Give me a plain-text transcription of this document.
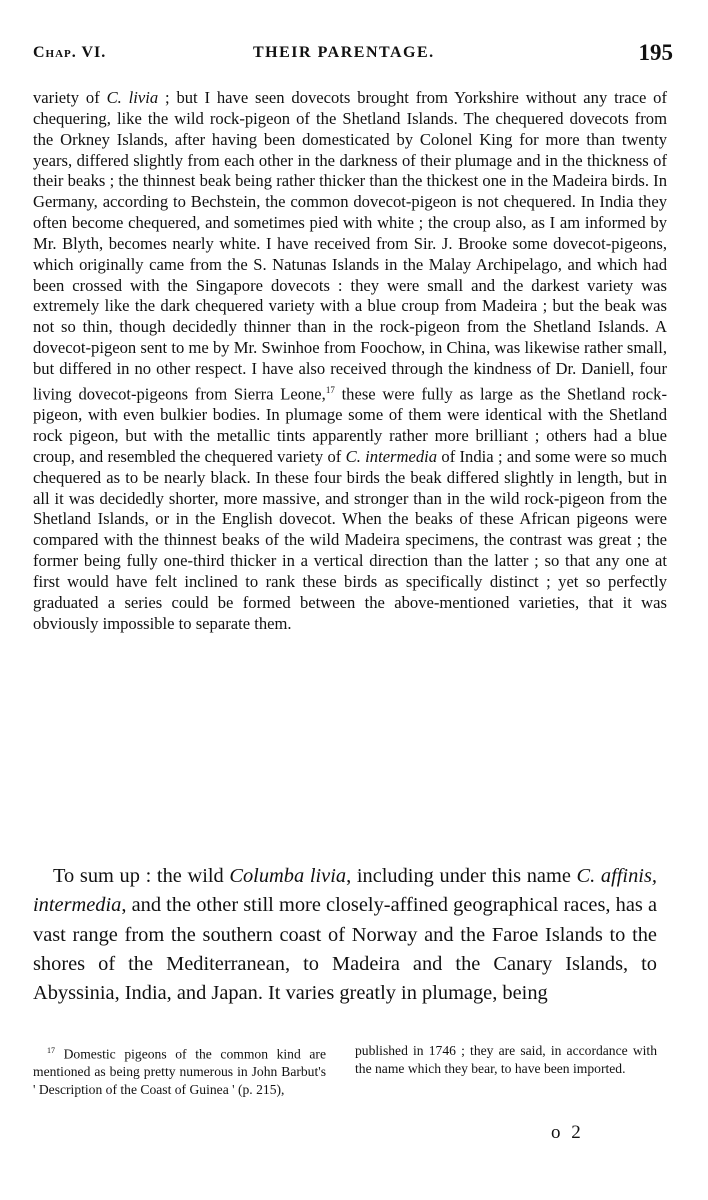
Chap. VI.	THEIR PARENTAGE.	195

variety of C. livia ; but I have seen dovecots brought from Yorkshire without any trace of chequering, like the wild rock-pigeon of the Shetland Islands. The chequered dovecots from the Orkney Islands, after having been domesticated by Colonel King for more than twenty years, differed slightly from each other in the darkness of their plumage and in the thickness of their beaks ; the thinnest beak being rather thicker than the thickest one in the Madeira birds. In Germany, according to Bechstein, the common dovecot-pigeon is not chequered. In India they often become chequered, and sometimes pied with white ; the croup also, as I am informed by Mr. Blyth, becomes nearly white. I have received from Sir. J. Brooke some dovecot-pigeons, which originally came from the S. Natunas Islands in the Malay Archipelago, and which had been crossed with the Singapore dovecots : they were small and the darkest variety was extremely like the dark chequered variety with a blue croup from Madeira ; but the beak was not so thin, though decidedly thinner than in the rock-pigeon from the Shetland Islands. A dovecot-pigeon sent to me by Mr. Swinhoe from Foochow, in China, was likewise rather small, but differed in no other respect. I have also received through the kindness of Dr. Daniell, four living dovecot-pigeons from Sierra Leone,$^{17}$ these were fully as large as the Shetland rock-pigeon, with even bulkier bodies. In plumage some of them were identical with the Shetland rock pigeon, but with the metallic tints apparently rather more brilliant ; others had a blue croup, and resembled the chequered variety of C. intermedia of India ; and some were so much chequered as to be nearly black. In these four birds the beak differed slightly in length, but in all it was decidedly shorter, more massive, and stronger than in the wild rock-pigeon from the Shetland Islands, or in the English dovecot. When the beaks of these African pigeons were compared with the thinnest beaks of the wild Madeira specimens, the contrast was great ; the former being fully one-third thicker in a vertical direction than the latter ; so that any one at first would have felt inclined to rank these birds as specifically distinct ; yet so perfectly graduated a series could be formed between the above-mentioned varieties, that it was obviously impossible to separate them.

To sum up : the wild Columba livia, including under this name C. affinis, intermedia, and the other still more closely-affined geographical races, has a vast range from the southern coast of Norway and the Faroe Islands to the shores of the Mediterranean, to Madeira and the Canary Islands, to Abyssinia, India, and Japan. It varies greatly in plumage, being

$^{17}$ Domestic pigeons of the common kind are mentioned as being pretty numerous in John Barbut's ' Description of the Coast of Guinea ' (p. 215),
published in 1746 ; they are said, in accordance with the name which they bear, to have been imported.
o 2
